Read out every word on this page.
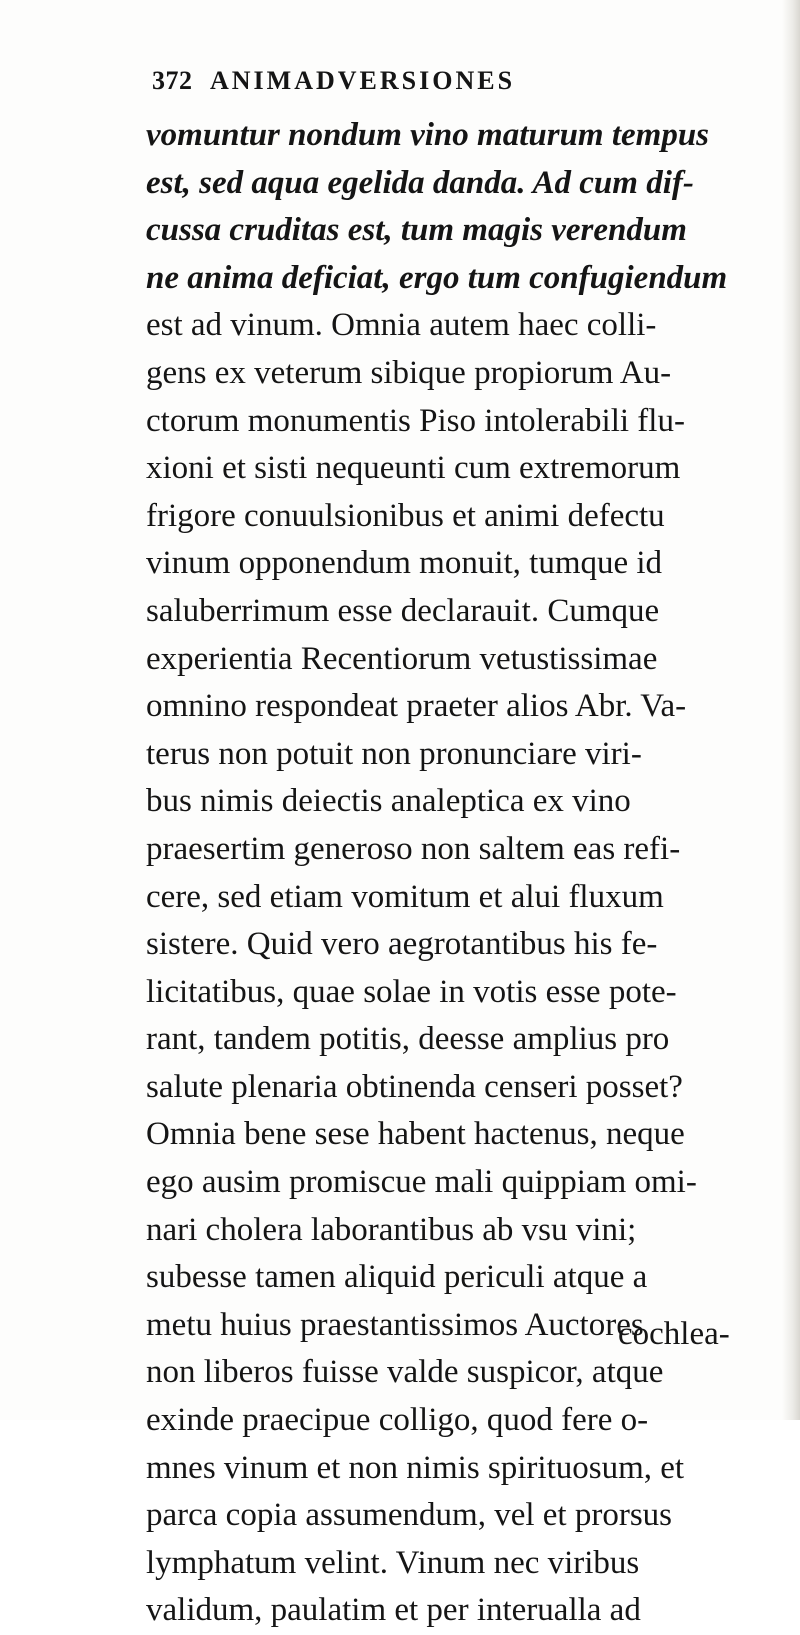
372 ANIMADVERSIONES
vomuntur nondum vino maturum tempus
est, sed aqua egelida danda. Ad cum dif-
cussa cruditas est, tum magis verendum
ne anima deficiat, ergo tum confugiendum
est ad vinum. Omnia autem haec colli-
gens ex veterum sibique propiorum Au-
ctorum monumentis Piso intolerabili flu-
xioni et sisti nequeunti cum extremorum
frigore conuulsionibus et animi defectu
vinum opponendum monuit, tumque id
saluberrimum esse declarauit. Cumque
experientia Recentiorum vetustissimae
omnino respondeat praeter alios Abr. Va-
terus non potuit non pronunciare viri-
bus nimis deiectis analeptica ex vino
praesertim generoso non saltem eas refi-
cere, sed etiam vomitum et alui fluxum
sistere. Quid vero aegrotantibus his fe-
licitatibus, quae solae in votis esse pote-
rant, tandem potitis, deesse amplius pro
salute plenaria obtinenda censeri posset?
Omnia bene sese habent hactenus, neque
ego ausim promiscue mali quippiam omi-
nari cholera laborantibus ab vsu vini;
subesse tamen aliquid periculi atque a
metu huius praestantissimos Auctores
non liberos fuisse valde suspicor, atque
exinde praecipue colligo, quod fere o-
mnes vinum et non nimis spirituosum, et
parca copia assumendum, vel et prorsus
lymphatum velint. Vinum nec viribus
validum, paulatim et per interualla ad
cochlea-
